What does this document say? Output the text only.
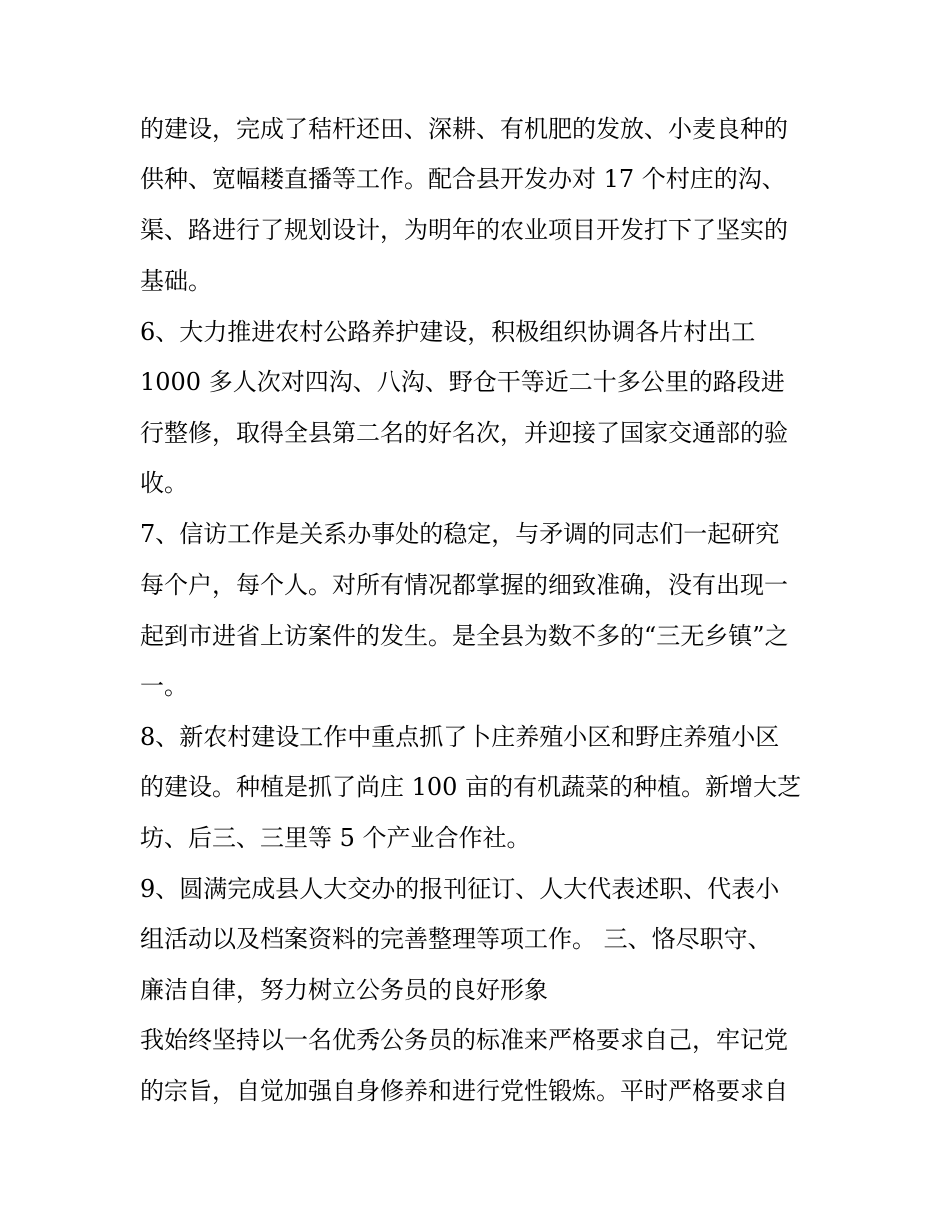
的建设，完成了秸杆还田、深耕、有机肥的发放、小麦良种的
供种、宽幅耧直播等工作。配合县开发办对 17 个村庄的沟、
渠、路进行了规划设计，为明年的农业项目开发打下了坚实的
基础。
6、大力推进农村公路养护建设，积极组织协调各片村出工
1000 多人次对四沟、八沟、野仓干等近二十多公里的路段进
行整修，取得全县第二名的好名次，并迎接了国家交通部的验
收。
7、信访工作是关系办事处的稳定，与矛调的同志们一起研究
每个户，每个人。对所有情况都掌握的细致准确，没有出现一
起到市进省上访案件的发生。是全县为数不多的“三无乡镇”之
一。
8、新农村建设工作中重点抓了卜庄养殖小区和野庄养殖小区
的建设。种植是抓了尚庄 100 亩的有机蔬菜的种植。新增大芝
坊、后三、三里等 5 个产业合作社。
9、圆满完成县人大交办的报刊征订、人大代表述职、代表小
组活动以及档案资料的完善整理等项工作。 三、恪尽职守、
廉洁自律，努力树立公务员的良好形象
我始终坚持以一名优秀公务员的标准来严格要求自己，牢记党
的宗旨，自觉加强自身修养和进行党性锻炼。平时严格要求自
